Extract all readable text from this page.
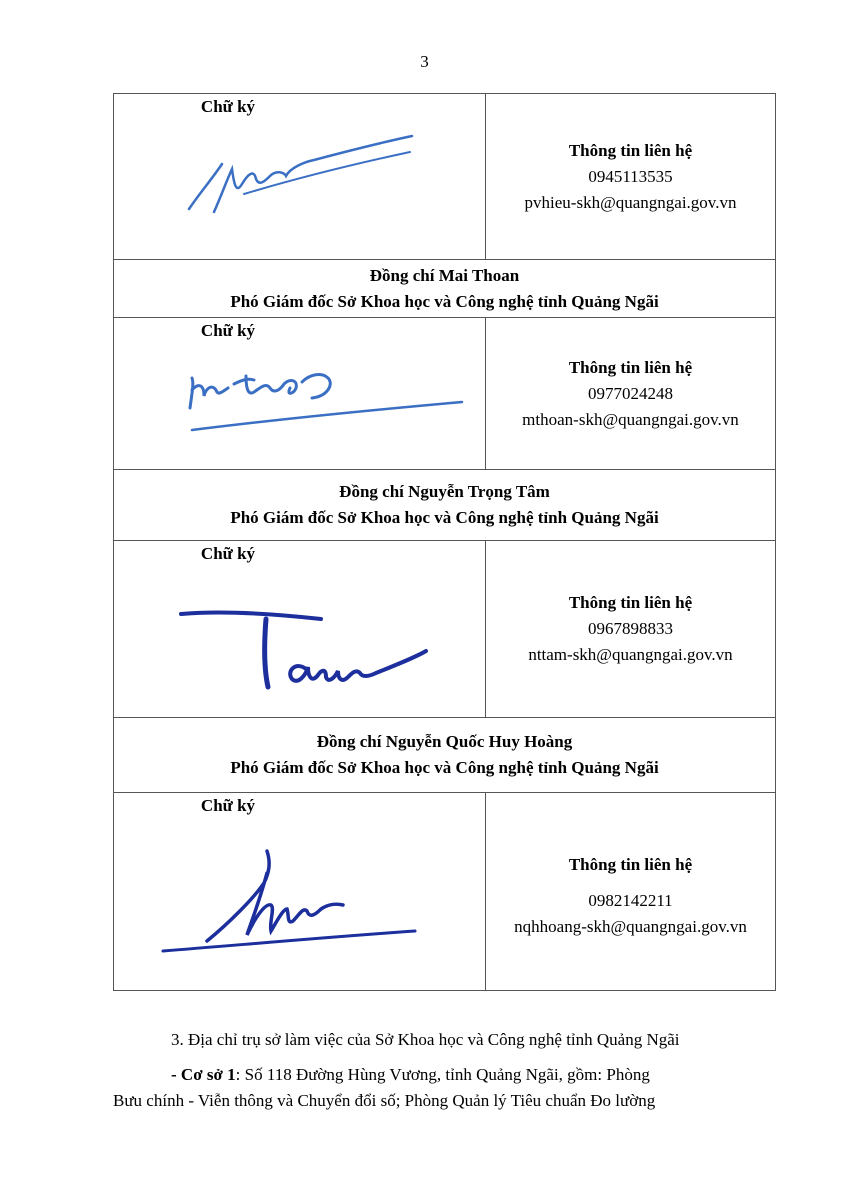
3
Chữ ký
Thông tin liên hệ
0945113535
pvhieu-skh@quangngai.gov.vn
Đồng chí Mai Thoan
Phó Giám đốc Sở Khoa học và Công nghệ tỉnh Quảng Ngãi
Chữ ký
Thông tin liên hệ
0977024248
mthoan-skh@quangngai.gov.vn
Đồng chí Nguyễn Trọng Tâm
Phó Giám đốc Sở Khoa học và Công nghệ tỉnh Quảng Ngãi
Chữ ký
Thông tin liên hệ
0967898833
nttam-skh@quangngai.gov.vn
Đồng chí Nguyễn Quốc Huy Hoàng
Phó Giám đốc Sở Khoa học và Công nghệ tỉnh Quảng Ngãi
Chữ ký
Thông tin liên hệ
0982142211
nqhhoang-skh@quangngai.gov.vn
3. Địa chỉ trụ sở làm việc của Sở Khoa học và Công nghệ tỉnh Quảng Ngãi
- Cơ sở 1: Số 118 Đường Hùng Vương, tỉnh Quảng Ngãi, gồm: Phòng
Bưu chính - Viễn thông và Chuyển đổi số; Phòng Quản lý Tiêu chuẩn Đo lường
